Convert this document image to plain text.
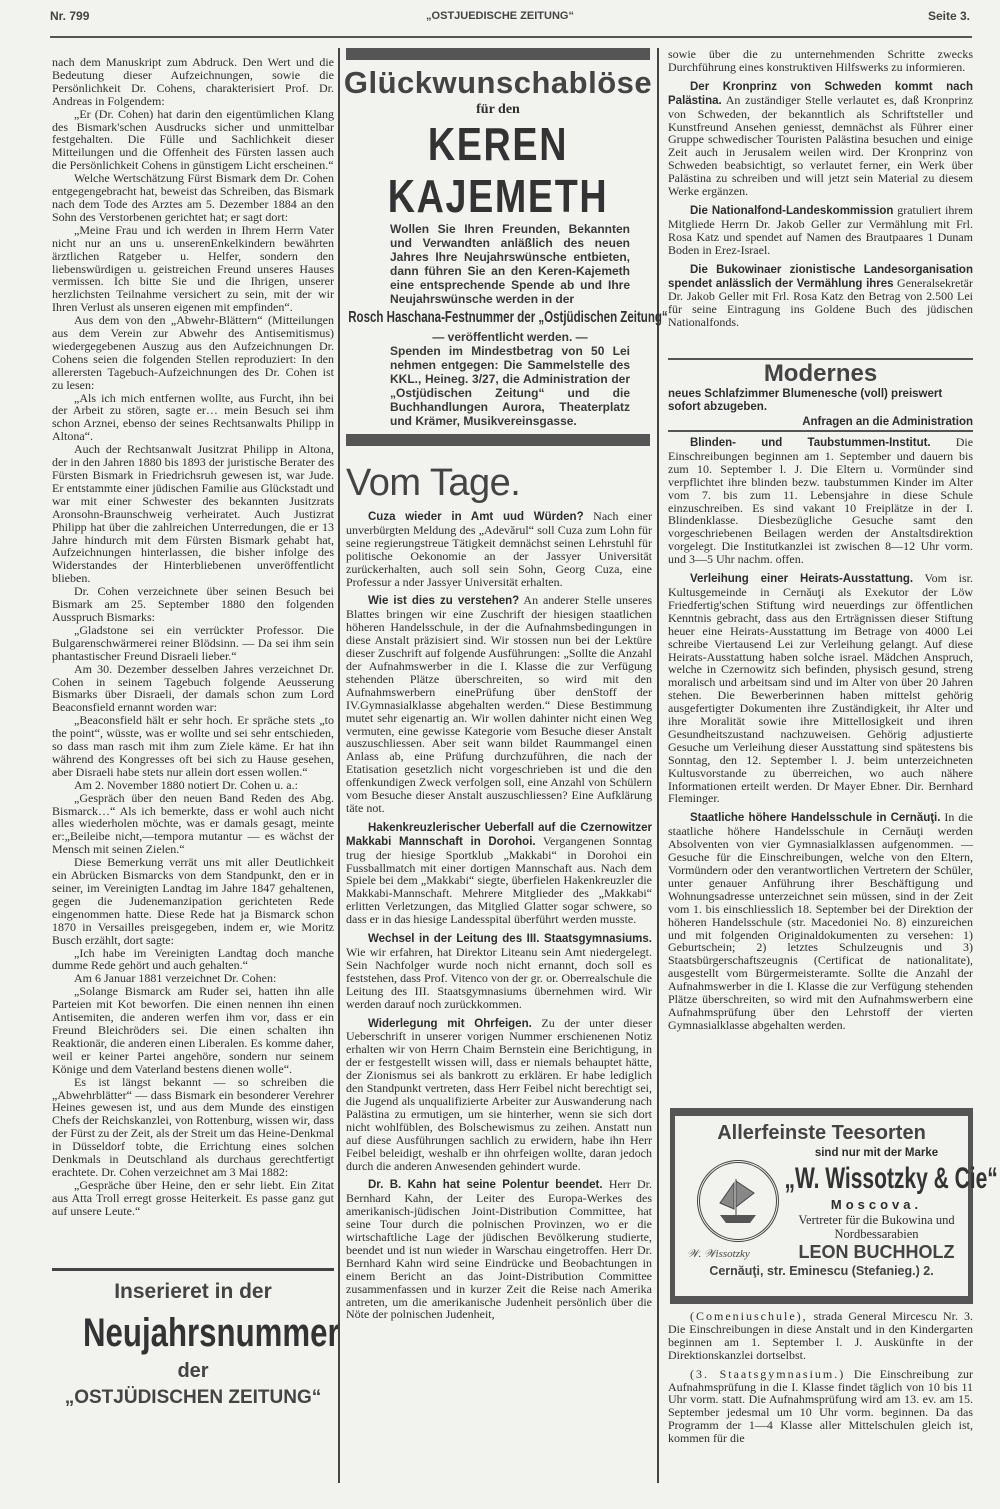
Nr. 799	„OSTJUEDISCHE ZEITUNG“	Seite 3.

nach dem Manuskript zum Abdruck. Den Wert und die Bedeutung dieser Aufzeichnungen, sowie die Persönlichkeit Dr. Cohens, charakterisiert Prof. Dr. Andreas in Folgendem:

„Er (Dr. Cohen) hat darin den eigentümlichen Klang des Bismark'schen Ausdrucks sicher und unmittelbar festgehalten. Die Fülle und Sachlichkeit dieser Mitteilungen und die Offenheit des Fürsten lassen auch die Persönlichkeit Cohens in günstigem Licht erscheinen.“

Welche Wertschätzung Fürst Bismark dem Dr. Cohen entgegengebracht hat, beweist das Schreiben, das Bismark nach dem Tode des Arztes am 5. Dezember 1884 an den Sohn des Verstorbenen gerichtet hat; er sagt dort:

„Meine Frau und ich werden in Ihrem Herrn Vater nicht nur an uns u. unserenEnkelkindern bewährten ärztlichen Ratgeber u. Helfer, sondern den liebenswürdigen u. geistreichen Freund unseres Hauses vermissen. Ich bitte Sie und die Ihrigen, unserer herzlichsten Teilnahme versichert zu sein, mit der wir Ihren Verlust als unseren eigenen mit empfinden“.

Aus dem von den „Abwehr-Blättern“ (Mitteilungen aus dem Verein zur Abwehr des Antisemitismus) wiedergegebenen Auszug aus den Aufzeichnungen Dr. Cohens seien die folgenden Stellen reproduziert: In den allerersten Tagebuch-Aufzeichnungen des Dr. Cohen ist zu lesen:

„Als ich mich entfernen wollte, aus Furcht, ihn bei der Arbeit zu stören, sagte er… mein Besuch sei ihm schon Arznei, ebenso der seines Rechtsanwalts Philipp in Altona“.

Auch der Rechtsanwalt Jusitzrat Philipp in Altona, der in den Jahren 1880 bis 1893 der juristische Berater des Fürsten Bismark in Friedrichsruh gewesen ist, war Jude. Er entstammte einer jüdischen Familie aus Glückstadt und war mit einer Schwester des bekannten Jusitzrats Aronsohn-Braunschweig verheiratet. Auch Justizrat Philipp hat über die zahlreichen Unterredungen, die er 13 Jahre hindurch mit dem Fürsten Bismark gehabt hat, Aufzeichnungen hinterlassen, die bisher infolge des Widerstandes der Hinterbliebenen unveröffentlicht blieben.

Dr. Cohen verzeichnete über seinen Besuch bei Bismark am 25. September 1880 den folgenden Ausspruch Bismarks:

„Gladstone sei ein verrückter Professor. Die Bulgarenschwärmerei reiner Blödsinn. — Da sei ihm sein phantastischer Freund Disraeli lieber.“

Am 30. Dezember desselben Jahres verzeichnet Dr. Cohen in seinem Tagebuch folgende Aeusserung Bismarks über Disraeli, der damals schon zum Lord Beaconsfield ernannt worden war:

„Beaconsfield hält er sehr hoch. Er spräche stets „to the point“, wüsste, was er wollte und sei sehr entschieden, so dass man rasch mit ihm zum Ziele käme. Er hat ihn während des Kongresses oft bei sich zu Hause gesehen, aber Disraeli habe stets nur allein dort essen wollen.“

Am 2. November 1880 notiert Dr. Cohen u. a.:

„Gespräch über den neuen Band Reden des Abg. Bismarck…“ Als ich bemerkte, dass er wohl auch nicht alles wiederholen möchte, was er damals gesagt, meinte er:„Beileibe nicht,—tempora mutantur — es wächst der Mensch mit seinen Zielen.“

Diese Bemerkung verrät uns mit aller Deutlichkeit ein Abrücken Bismarcks von dem Standpunkt, den er in seiner, im Vereinigten Landtag im Jahre 1847 gehaltenen, gegen die Judenemanzipation gerichteten Rede eingenommen hatte. Diese Rede hat ja Bismarck schon 1870 in Versailles preisgegeben, indem er, wie Moritz Busch erzählt, dort sagte:

„Ich habe im Vereinigten Landtag doch manche dumme Rede gehört und auch gehalten.“

Am 6 Januar 1881 verzeichnet Dr. Cohen:

„Solange Bismarck am Ruder sei, hatten ihn alle Parteien mit Kot beworfen. Die einen nennen ihn einen Antisemiten, die anderen werfen ihm vor, dass er ein Freund Bleichröders sei. Die einen schalten ihn Reaktionär, die anderen einen Liberalen. Es komme daher, weil er keiner Partei angehöre, sondern nur seinem Könige und dem Vaterland bestens dienen wolle“.

Es ist längst bekannt — so schreiben die „Abwehrblätter“ — dass Bismark ein besonderer Verehrer Heines gewesen ist, und aus dem Munde des einstigen Chefs der Reichskanzlei, von Rottenburg, wissen wir, dass der Fürst zu der Zeit, als der Streit um das Heine-Denkmal in Düsseldorf tobte, die Errichtung eines solchen Denkmals in Deutschland als durchaus gerechtfertigt erachtete. Dr. Cohen verzeichnet am 3 Mai 1882:

„Gespräche über Heine, den er sehr liebt. Ein Zitat aus Atta Troll erregt grosse Heiterkeit. Es passe ganz gut auf unsere Leute.“

Inserieret in der
Neujahrsnummer
der
„OSTJÜDISCHEN ZEITUNG“
Glückwunschablöse
für den
KEREN KAJEMETH

Wollen Sie Ihren Freunden, Bekannten und Verwandten anläßlich des neuen Jahres Ihre Neujahrswünsche entbieten, dann führen Sie an den Keren-Kajemeth eine entsprechende Spende ab und Ihre Neujahrswünsche werden in der

Rosch Haschana-Festnummer der „Ostjüdischen Zeitung“

— veröffentlicht werden. —

Spenden im Mindestbetrag von 50 Lei nehmen entgegen: Die Sammelstelle des KKL., Heineg. 3/27, die Administration der „Ostjüdischen Zeitung“ und die Buchhandlungen Aurora, Theaterplatz und Krämer, Musikvereinsgasse.

Vom Tage.

Cuza wieder in Amt uud Würden? Nach einer unverbürgten Meldung des „Adevărul“ soll Cuza zum Lohn für seine regierungstreue Tätigkeit demnächst seinen Lehrstuhl für politische Oekonomie an der Jassyer Universität zurückerhalten, auch soll sein Sohn, Georg Cuza, eine Professur a nder Jassyer Universität erhalten.

Wie ist dies zu verstehen? An anderer Stelle unseres Blattes bringen wir eine Zuschrift der hiesigen staatlichen höheren Handelsschule, in der die Aufnahmsbedingungen in diese Anstalt präzisiert sind. Wir stossen nun bei der Lektüre dieser Zuschrift auf folgende Ausführungen: „Sollte die Anzahl der Aufnahmswerber in die I. Klasse die zur Verfügung stehenden Plätze überschreiten, so wird mit den Aufnahmswerbern einePrüfung über denStoff der IV.Gymnasialklasse abgehalten werden.“ Diese Bestimmung mutet sehr eigenartig an. Wir wollen dahinter nicht einen Weg vermuten, eine gewisse Kategorie vom Besuche dieser Anstalt auszuschliessen. Aber seit wann bildet Raummangel einen Anlass ab, eine Prüfung durchzuführen, die nach der Etatisation gesetzlich nicht vorgeschrieben ist und die den offenkundigen Zweck verfolgen soll, eine Anzahl von Schülern vom Besuche dieser Anstalt auszuschliessen? Eine Aufklärung täte not.

Hakenkreuzlerischer Ueberfall auf die Czernowitzer Makkabi Mannschaft in Dorohoi. Vergangenen Sonntag trug der hiesige Sportklub „Makkabi“ in Dorohoi ein Fussballmatch mit einer dortigen Mannschaft aus. Nach dem Spiele bei dem „Makkabi“ siegte, überfielen Hakenkreuzler die Makkabi-Mannschaft. Mehrere Mitglieder des „Makkabi“ erlitten Verletzungen, das Mitglied Glatter sogar schwere, so dass er in das hiesige Landesspital überführt werden musste.

Wechsel in der Leitung des III. Staatsgymnasiums. Wie wir erfahren, hat Direktor Liteanu sein Amt niedergelegt. Sein Nachfolger wurde noch nicht ernannt, doch soll es feststehen, dass Prof. Vitenco von der gr. or. Oberrealschule die Leitung des III. Staatsgymnasiums übernehmen wird. Wir werden darauf noch zurückkommen.

Widerlegung mit Ohrfeigen. Zu der unter dieser Ueberschrift in unserer vorigen Nummer erschienenen Notiz erhalten wir von Herrn Chaim Bernstein eine Berichtigung, in der er festgestellt wissen will, dass er niemals behauptet hätte, der Zionismus sei als bankrott zu erklären. Er habe lediglich den Standpunkt vertreten, dass Herr Feibel nicht berechtigt sei, die Jugend als unqualifizierte Arbeiter zur Auswanderung nach Palästina zu ermutigen, um sie hinterher, wenn sie sich dort nicht wohlfüblen, des Bolschewismus zu zeihen. Anstatt nun auf diese Ausführungen sachlich zu erwidern, habe ihn Herr Feibel beleidigt, weshalb er ihn ohrfeigen wollte, daran jedoch durch die anderen Anwesenden gehindert wurde.

Dr. B. Kahn hat seine Polentur beendet. Herr Dr. Bernhard Kahn, der Leiter des Europa-Werkes des amerikanisch-jüdischen Joint-Distribution Committee, hat seine Tour durch die polnischen Provinzen, wo er die wirtschaftliche Lage der jüdischen Bevölkerung studierte, beendet und ist nun wieder in Warschau eingetroffen. Herr Dr. Bernhard Kahn wird seine Eindrücke und Beobachtungen in einem Bericht an das Joint-Distribution Committee zusammenfassen und in kurzer Zeit die Reise nach Amerika antreten, um die amerikanische Judenheit persönlich über die Nöte der polnischen Judenheit,

sowie über die zu unternehmenden Schritte zwecks Durchführung eines konstruktiven Hilfswerks zu informieren.

Der Kronprinz von Schweden kommt nach Palästina. An zuständiger Stelle verlautet es, daß Kronprinz von Schweden, der bekanntlich als Schriftsteller und Kunstfreund Ansehen geniesst, demnächst als Führer einer Gruppe schwedischer Touristen Palästina besuchen und einige Zeit auch in Jerusalem weilen wird. Der Kronprinz von Schweden beabsichtigt, so verlautet ferner, ein Werk über Palästina zu schreiben und will jetzt sein Material zu diesem Werke ergänzen.

Die Nationalfond-Landeskommission gratuliert ihrem Mitgliede Herrn Dr. Jakob Geller zur Vermählung mit Frl. Rosa Katz und spendet auf Namen des Brautpaares 1 Dunam Boden in Erez-Israel.

Die Bukowinaer zionistische Landesorganisation spendet anlässlich der Vermählung ihres Generalsekretär Dr. Jakob Geller mit Frl. Rosa Katz den Betrag von 2.500 Lei für seine Eintragung ins Goldene Buch des jüdischen Nationalfonds.

Modernes
neues Schlafzimmer Blumenesche (voll) preiswert sofort abzugeben.
Anfragen an die Administration

Blinden- und Taubstummen-Institut. Die Einschreibungen beginnen am 1. September und dauern bis zum 10. September l. J. Die Eltern u. Vormünder sind verpflichtet ihre blinden bezw. taubstummen Kinder im Alter vom 7. bis zum 11. Lebensjahre in diese Schule einzuschreiben. Es sind vakant 10 Freiplätze in der I. Blindenklasse. Diesbezügliche Gesuche samt den vorgeschriebenen Beilagen werden der Anstaltsdirektion vorgelegt. Die Institutkanzlei ist zwischen 8—12 Uhr vorm. und 3—5 Uhr nachm. offen.

Verleihung einer Heirats-Ausstattung. Vom isr. Kultusgemeinde in Cernăuţi als Exekutor der Löw Friedfertig'schen Stiftung wird neuerdings zur öffentlichen Kenntnis gebracht, dass aus den Erträgnissen dieser Stiftung heuer eine Heirats-Ausstattung im Betrage von 4000 Lei schreibe Viertausend Lei zur Verleihung gelangt. Auf diese Heirats-Ausstattung haben solche israel. Mädchen Anspruch, welche in Czernowitz sich befinden, physisch gesund, streng moralisch und arbeitsam sind und im Alter von über 20 Jahren stehen. Die Bewerberinnen haben mittelst gehörig ausgefertigter Dokumenten ihre Zuständigkeit, ihr Alter und ihre Moralität sowie ihre Mittellosigkeit und ihren Gesundheitszustand nachzuweisen. Gehörig adjustierte Gesuche um Verleihung dieser Ausstattung sind spätestens bis Sonntag, den 12. September l. J. beim unterzeichneten Kultusvorstande zu überreichen, wo auch nähere Informationen erteilt werden. Dr Mayer Ebner. Dir. Bernhard Fleminger.

Staatliche höhere Handelsschule in Cernăuţi. In die staatliche höhere Handelsschule in Cernăuţi werden Absolventen von vier Gymnasialklassen aufgenommen. — Gesuche für die Einschreibungen, welche von den Eltern, Vormündern oder den verantwortlichen Vertretern der Schüler, unter genauer Anführung ihrer Beschäftigung und Wohnungsadresse unterzeichnet sein müssen, sind in der Zeit vom 1. bis einschliesslich 18. September bei der Direktion der höheren Handelsschule (str. Macedoniei No. 8) einzureichen und mit folgenden Originaldokumenten zu versehen: 1) Geburtschein; 2) letztes Schulzeugnis und 3) Staatsbürgerschaftszeugnis (Certificat de nationalitate), ausgestellt vom Bürgermeisteramte. Sollte die Anzahl der Aufnahmswerber in die I. Klasse die zur Verfügung stehenden Plätze überschreiten, so wird mit den Aufnahmswerbern eine Aufnahmsprüfung über den Lehrstoff der vierten Gymnasialklasse abgehalten werden.

Allerfeinste Teesorten
𝒲. 𝒲issotzky
sind nur mit der Marke
„W. Wissotzky & Cie“
Moscova.
Vertreter für die Bukowina und Nordbessarabien
LEON BUCHHOLZ
Cernăuţi, str. Eminescu (Stefanieg.) 2.

(Comeniuschule), strada General Mircescu Nr. 3. Die Einschreibungen in diese Anstalt und in den Kindergarten beginnen am 1. September l. J. Auskünfte in der Direktionskanzlei dortselbst.

(3. Staatsgymnasium.) Die Einschreibung zur Aufnahmsprüfung in die I. Klasse findet täglich von 10 bis 11 Uhr vorm. statt. Die Aufnahmsprüfung wird am 13. ev. am 15. September jedesmal um 10 Uhr vorm. beginnen. Da das Programm der 1—4 Klasse aller Mittelschulen gleich ist, kommen für die
